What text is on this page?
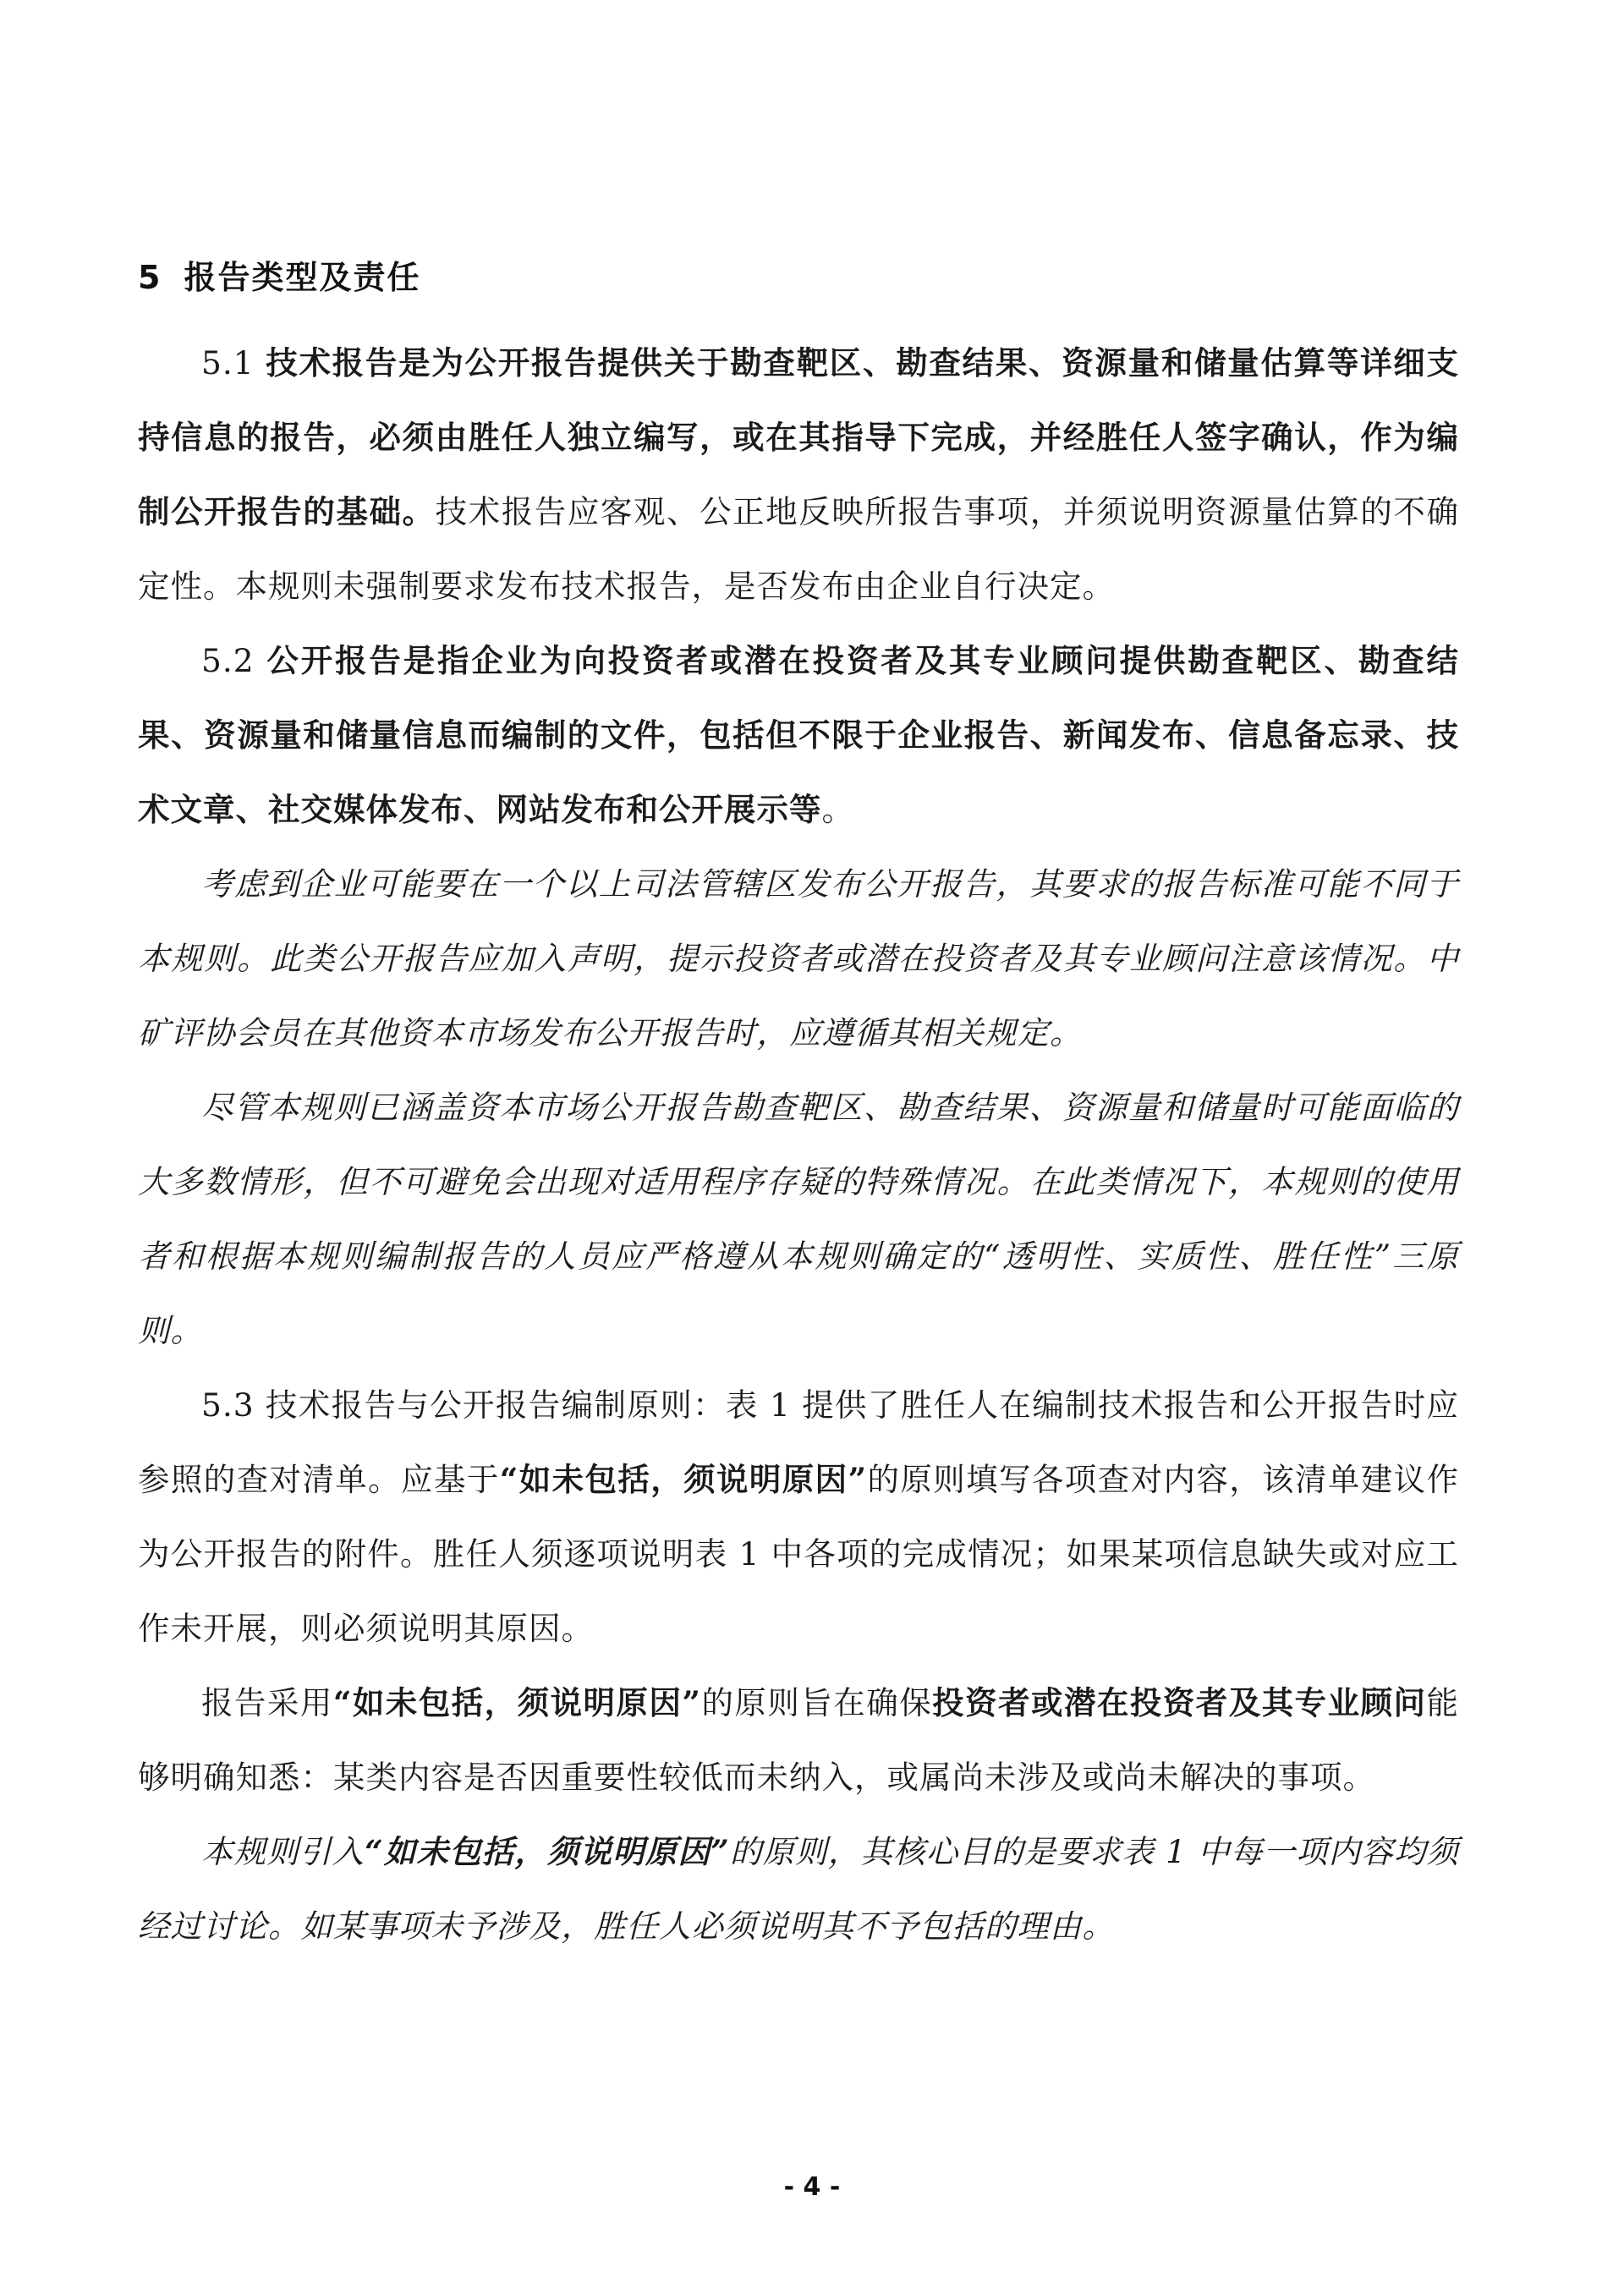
5 报告类型及责任

5.1 技术报告是为公开报告提供关于勘查靶区、勘查结果、资源量和储量估算等详细支持信息的报告，必须由胜任人独立编写，或在其指导下完成，并经胜任人签字确认，作为编制公开报告的基础。技术报告应客观、公正地反映所报告事项，并须说明资源量估算的不确定性。本规则未强制要求发布技术报告，是否发布由企业自行决定。

5.2 公开报告是指企业为向投资者或潜在投资者及其专业顾问提供勘查靶区、勘查结果、资源量和储量信息而编制的文件，包括但不限于企业报告、新闻发布、信息备忘录、技术文章、社交媒体发布、网站发布和公开展示等。

考虑到企业可能要在一个以上司法管辖区发布公开报告，其要求的报告标准可能不同于本规则。此类公开报告应加入声明，提示投资者或潜在投资者及其专业顾问注意该情况。中矿评协会员在其他资本市场发布公开报告时，应遵循其相关规定。

尽管本规则已涵盖资本市场公开报告勘查靶区、勘查结果、资源量和储量时可能面临的大多数情形，但不可避免会出现对适用程序存疑的特殊情况。在此类情况下，本规则的使用者和根据本规则编制报告的人员应严格遵从本规则确定的“透明性、实质性、胜任性”三原则。

5.3 技术报告与公开报告编制原则：表 1 提供了胜任人在编制技术报告和公开报告时应参照的查对清单。应基于“如未包括，须说明原因”的原则填写各项查对内容，该清单建议作为公开报告的附件。胜任人须逐项说明表 1 中各项的完成情况；如果某项信息缺失或对应工作未开展，则必须说明其原因。

报告采用“如未包括，须说明原因”的原则旨在确保投资者或潜在投资者及其专业顾问能够明确知悉：某类内容是否因重要性较低而未纳入，或属尚未涉及或尚未解决的事项。

本规则引入“如未包括，须说明原因”的原则，其核心目的是要求表 1 中每一项内容均须经过讨论。如某事项未予涉及，胜任人必须说明其不予包括的理由。

- 4 -
